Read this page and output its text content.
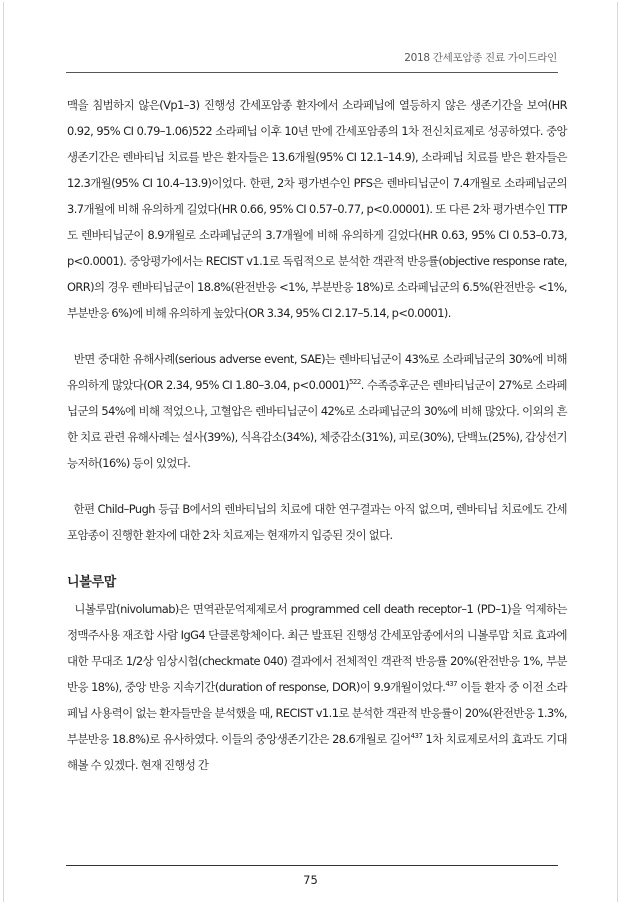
2018 간세포암종 진료 가이드라인

맥을 침범하지 않은(Vp1–3) 진행성 간세포암종 환자에서 소라페닙에 열등하지 않은 생존기간을 보여(HR 0.92, 95% CI 0.79–1.06)522 소라페닙 이후 10년 만에 간세포암종의 1차 전신치료제로 성공하였다. 중앙생존기간은 렌바티닙 치료를 받은 환자들은 13.6개월(95% CI 12.1–14.9), 소라페닙 치료를 받은 환자들은 12.3개월(95% CI 10.4–13.9)이었다. 한편, 2차 평가변수인 PFS은 렌바티닙군이 7.4개월로 소라페닙군의 3.7개월에 비해 유의하게 길었다(HR 0.66, 95% CI 0.57–0.77, p<0.00001). 또 다른 2차 평가변수인 TTP도 렌바티닙군이 8.9개월로 소라페닙군의 3.7개월에 비해 유의하게 길었다(HR 0.63, 95% CI 0.53–0.73, p<0.0001). 중앙평가에서는 RECIST v1.1로 독립적으로 분석한 객관적 반응률(objective response rate, ORR)의 경우 렌바티닙군이 18.8%(완전반응 <1%, 부분반응 18%)로 소라페닙군의 6.5%(완전반응 <1%, 부분반응 6%)에 비해 유의하게 높았다(OR 3.34, 95% CI 2.17–5.14, p<0.0001).

반면 중대한 유해사례(serious adverse event, SAE)는 렌바티닙군이 43%로 소라페닙군의 30%에 비해 유의하게 많았다(OR 2.34, 95% CI 1.80–3.04, p<0.0001)$^{522}$. 수족증후군은 렌바티닙군이 27%로 소라페닙군의 54%에 비해 적었으나, 고혈압은 렌바티닙군이 42%로 소라페닙군의 30%에 비해 많았다. 이외의 흔한 치료 관련 유해사례는 설사(39%), 식욕감소(34%), 체중감소(31%), 피로(30%), 단백뇨(25%), 갑상선기능저하(16%) 등이 있었다.

한편 Child–Pugh 등급 B에서의 렌바티닙의 치료에 대한 연구결과는 아직 없으며, 렌바티닙 치료에도 간세포암종이 진행한 환자에 대한 2차 치료제는 현재까지 입증된 것이 없다.

니볼루맙

니볼루맙(nivolumab)은 면역관문억제제로서 programmed cell death receptor–1 (PD–1)을 억제하는 정맥주사용 재조합 사람 IgG4 단클론항체이다. 최근 발표된 진행성 간세포암종에서의 니볼루맙 치료 효과에 대한 무대조 1/2상 임상시험(checkmate 040) 결과에서 전체적인 객관적 반응률 20%(완전반응 1%, 부분반응 18%), 중앙 반응 지속기간(duration of response, DOR)이 9.9개월이었다.$^{437}$ 이들 환자 중 이전 소라페닙 사용력이 없는 환자들만을 분석했을 때, RECIST v1.1로 분석한 객관적 반응률이 20%(완전반응 1.3%, 부분반응 18.8%)로 유사하였다. 이들의 중앙생존기간은 28.6개월로 길어$^{437}$ 1차 치료제로서의 효과도 기대해볼 수 있겠다. 현재 진행성 간

75
